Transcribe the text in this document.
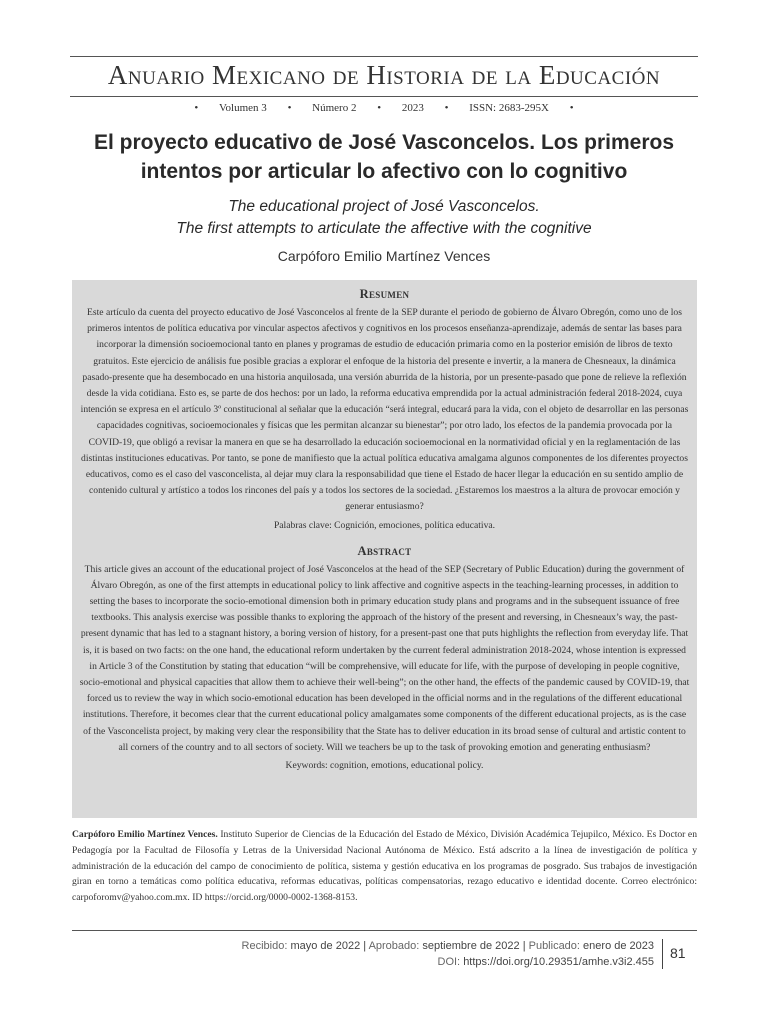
Anuario Mexicano de Historia de la Educación
• Volumen 3 • Número 2 • 2023 • ISSN: 2683-295X •
El proyecto educativo de José Vasconcelos. Los primeros intentos por articular lo afectivo con lo cognitivo
The educational project of José Vasconcelos.
The first attempts to articulate the affective with the cognitive
Carpóforo Emilio Martínez Vences
Resumen

Este artículo da cuenta del proyecto educativo de José Vasconcelos al frente de la SEP durante el periodo de gobierno de Álvaro Obregón, como uno de los primeros intentos de política educativa por vincular aspectos afectivos y cognitivos en los procesos enseñanza-aprendizaje, además de sentar las bases para incorporar la dimensión socioemocional tanto en planes y programas de estudio de educación primaria como en la posterior emisión de libros de texto gratuitos. Este ejercicio de análisis fue posible gracias a explorar el enfoque de la historia del presente e invertir, a la manera de Chesneaux, la dinámica pasado-presente que ha desembocado en una historia anquilosada, una versión aburrida de la historia, por un presente-pasado que pone de relieve la reflexión desde la vida cotidiana. Esto es, se parte de dos hechos: por un lado, la reforma educativa emprendida por la actual administración federal 2018-2024, cuya intención se expresa en el artículo 3º constitucional al señalar que la educación “será integral, educará para la vida, con el objeto de desarrollar en las personas capacidades cognitivas, socioemocionales y físicas que les permitan alcanzar su bienestar”; por otro lado, los efectos de la pandemia provocada por la COVID-19, que obligó a revisar la manera en que se ha desarrollado la educación socioemocional en la normatividad oficial y en la reglamentación de las distintas instituciones educativas. Por tanto, se pone de manifiesto que la actual política educativa amalgama algunos componentes de los diferentes proyectos educativos, como es el caso del vasconcelista, al dejar muy clara la responsabilidad que tiene el Estado de hacer llegar la educación en su sentido amplio de contenido cultural y artístico a todos los rincones del país y a todos los sectores de la sociedad. ¿Estaremos los maestros a la altura de provocar emoción y generar entusiasmo?

Palabras clave: Cognición, emociones, política educativa.
Abstract

This article gives an account of the educational project of José Vasconcelos at the head of the SEP (Secretary of Public Education) during the government of Álvaro Obregón, as one of the first attempts in educational policy to link affective and cognitive aspects in the teaching-learning processes, in addition to setting the bases to incorporate the socio-emotional dimension both in primary education study plans and programs and in the subsequent issuance of free textbooks. This analysis exercise was possible thanks to exploring the approach of the history of the present and reversing, in Chesneaux’s way, the past-present dynamic that has led to a stagnant history, a boring version of history, for a present-past one that puts highlights the reflection from everyday life. That is, it is based on two facts: on the one hand, the educational reform undertaken by the current federal administration 2018-2024, whose intention is expressed in Article 3 of the Constitution by stating that education “will be comprehensive, will educate for life, with the purpose of developing in people cognitive, socio-emotional and physical capacities that allow them to achieve their well-being”; on the other hand, the effects of the pandemic caused by COVID-19, that forced us to review the way in which socio-emotional education has been developed in the official norms and in the regulations of the different educational institutions. Therefore, it becomes clear that the current educational policy amalgamates some components of the different educational projects, as is the case of the Vasconcelista project, by making very clear the responsibility that the State has to deliver education in its broad sense of cultural and artistic content to all corners of the country and to all sectors of society. Will we teachers be up to the task of provoking emotion and generating enthusiasm?

Keywords: cognition, emotions, educational policy.
Carpóforo Emilio Martínez Vences. Instituto Superior de Ciencias de la Educación del Estado de México, División Académica Tejupilco, México. Es Doctor en Pedagogía por la Facultad de Filosofía y Letras de la Universidad Nacional Autónoma de México. Está adscrito a la línea de investigación de política y administración de la educación del campo de conocimiento de política, sistema y gestión educativa en los programas de posgrado. Sus trabajos de investigación giran en torno a temáticas como política educativa, reformas educativas, políticas compensatorias, rezago educativo e identidad docente. Correo electrónico: carpoforomv@yahoo.com.mx. ID https://orcid.org/0000-0002-1368-8153.
Recibido: mayo de 2022 | Aprobado: septiembre de 2022 | Publicado: enero de 2023
DOI: https://doi.org/10.29351/amhe.v3i2.455
81
